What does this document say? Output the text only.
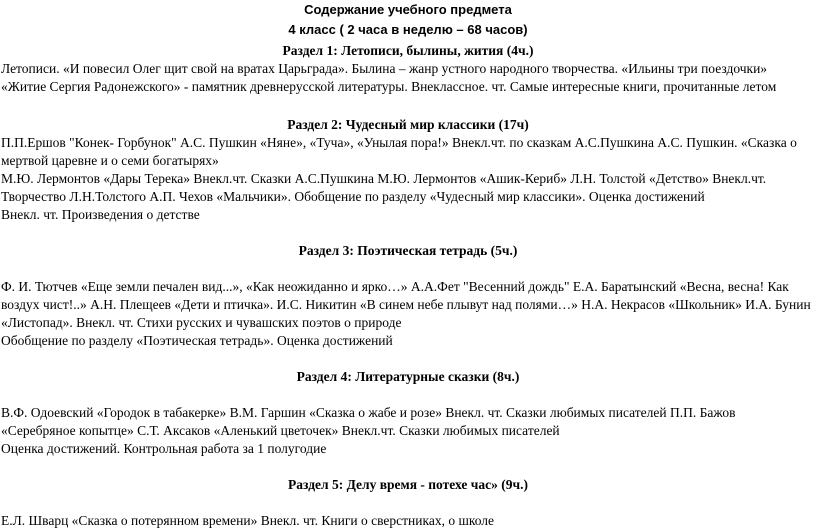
Содержание учебного предмета
4 класс ( 2 часа в неделю – 68 часов)
Раздел 1: Летописи, былины, жития (4ч.)

Летописи. «И повесил Олег щит свой на вратах Царьграда». Былина – жанр устного народного творчества. «Ильины три поездочки» «Житие Сергия Радонежского» - памятник древнерусской литературы. Внеклассное. чт. Самые интересные книги, прочитанные летом

Раздел 2: Чудесный мир классики (17ч)

П.П.Ершов "Конек- Горбунок" А.С. Пушкин «Няне», «Туча», «Унылая пора!» Внекл.чт. по сказкам А.С.Пушкина А.С. Пушкин. «Сказка о мертвой царевне и о семи богатырях»

М.Ю. Лермонтов «Дары Терека» Внекл.чт. Сказки А.С.Пушкина М.Ю. Лермонтов «Ашик-Кериб» Л.Н. Толстой «Детство» Внекл.чт. Творчество Л.Н.Толстого А.П. Чехов «Мальчики». Обобщение по разделу «Чудесный мир классики». Оценка достижений

Внекл. чт. Произведения о детстве

Раздел 3: Поэтическая тетрадь (5ч.)

Ф. И. Тютчев «Еще земли печален вид...», «Как неожиданно и ярко…» А.А.Фет "Весенний дождь" Е.А. Баратынский «Весна, весна! Как воздух чист!..» А.Н. Плещеев «Дети и птичка». И.С. Никитин «В синем небе плывут над полями…» Н.А. Некрасов «Школьник» И.А. Бунин «Листопад». Внекл. чт. Стихи русских и чувашских поэтов о природе

Обобщение по разделу «Поэтическая тетрадь». Оценка достижений

Раздел 4: Литературные сказки (8ч.)

В.Ф. Одоевский «Городок в табакерке» В.М. Гаршин «Сказка о жабе и розе» Внекл. чт. Сказки любимых писателей П.П. Бажов «Серебряное копытце» С.Т. Аксаков «Аленький цветочек» Внекл.чт. Сказки любимых писателей

Оценка достижений. Контрольная работа за 1 полугодие

Раздел 5: Делу время - потехе час» (9ч.)

Е.Л. Шварц «Сказка о потерянном времени» Внекл. чт. Книги о сверстниках, о школе
